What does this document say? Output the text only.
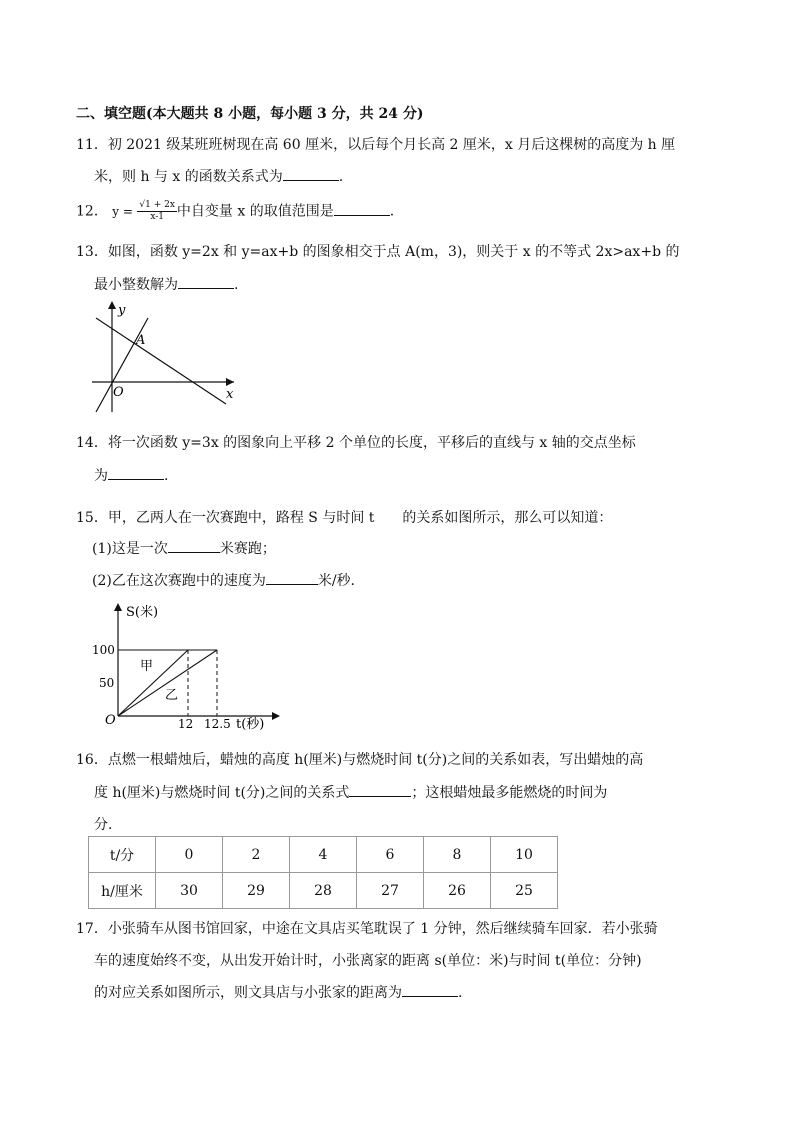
二、填空题(本大题共 8 小题，每小题 3 分，共 24 分)
11．初 2021 级某班班树现在高 60 厘米，以后每个月长高 2 厘米，x 月后这棵树的高度为 h 厘
米，则 h 与 x 的函数关系式为	.
12． $y = \frac{√1 + 2x}{x-1}$ 中自变量 x 的取值范围是	.
13．如图，函数 y=2x 和 y=ax+b 的图象相交于点 A(m，3)，则关于 x 的不等式 2x>ax+b 的
最小整数解为	.
y
x
O
A
14．将一次函数 y=3x 的图象向上平移 2 个单位的长度，平移后的直线与 x 轴的交点坐标
为	.
15．甲，乙两人在一次赛跑中，路程 S 与时间 t　　的关系如图所示，那么可以知道：
(1)这是一次	米赛跑；
(2)乙在这次赛跑中的速度为	米/秒.
S(米)
100
50
O	12 12.5 t(秒)
甲
乙
16．点燃一根蜡烛后，蜡烛的高度 h(厘米)与燃烧时间 t(分)之间的关系如表，写出蜡烛的高
度 h(厘米)与燃烧时间 t(分)之间的关系式	；这根蜡烛最多能燃烧的时间为
分.
t/分	0	2	4	6	8	10
h/厘米	30	29	28	27	26	25
17．小张骑车从图书馆回家，中途在文具店买笔耽误了 1 分钟，然后继续骑车回家．若小张骑
车的速度始终不变，从出发开始计时，小张离家的距离 s(单位：米)与时间 t(单位：分钟)
的对应关系如图所示，则文具店与小张家的距离为	.
